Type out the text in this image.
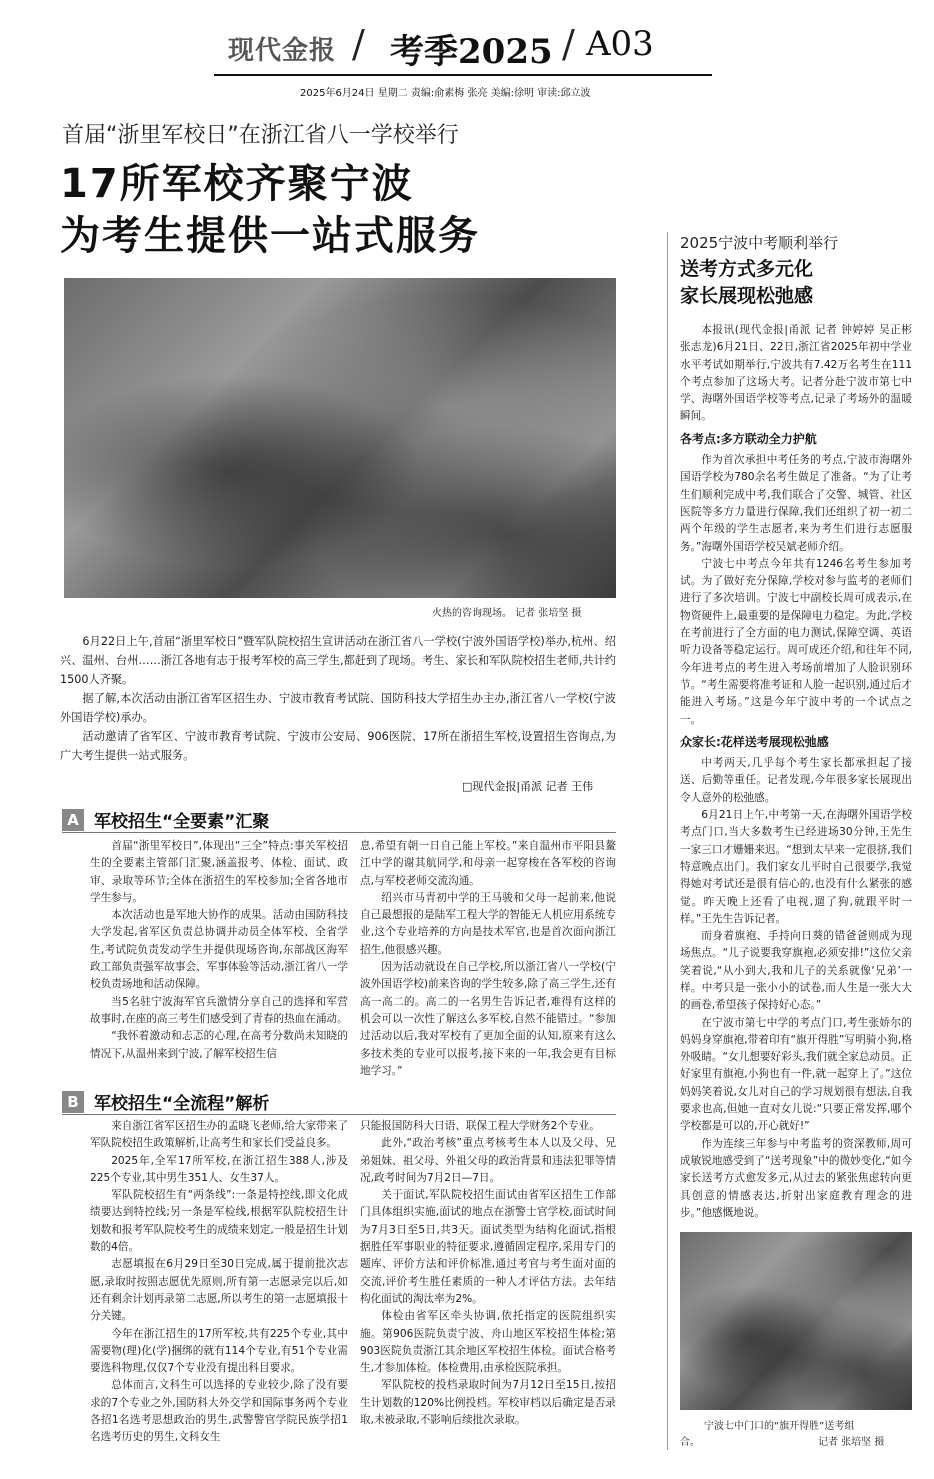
现代金报 / 考季2025 / A03
2025年6月24日 星期二 责编:俞素梅 张亮 美编:徐明 审读:邱立波
首届“浙里军校日”在浙江省八一学校举行
17所军校齐聚宁波
为考生提供一站式服务
火热的咨询现场。 记者 张培坚 摄

6月22日上午,首届“浙里军校日”暨军队院校招生宣讲活动在浙江省八一学校(宁波外国语学校)举办,杭州、绍兴、温州、台州……浙江各地有志于报考军校的高三学生,都赶到了现场。考生、家长和军队院校招生老师,共计约1500人齐聚。

据了解,本次活动由浙江省军区招生办、宁波市教育考试院、国防科技大学招生办主办,浙江省八一学校(宁波外国语学校)承办。

活动邀请了省军区、宁波市教育考试院、宁波市公安局、906医院、17所在浙招生军校,设置招生咨询点,为广大考生提供一站式服务。

□现代金报|甬派 记者 王伟
A 军校招生“全要素”汇聚

首届“浙里军校日”,体现出“三全”特点:事关军校招生的全要素主管部门汇聚,涵盖报考、体检、面试、政审、录取等环节;全体在浙招生的军校参加;全省各地市学生参与。

本次活动也是军地大协作的成果。活动由国防科技大学发起,省军区负责总协调并动员全体军校、全省学生,考试院负责发动学生并提供现场咨询,东部战区海军政工部负责强军故事会、军事体验等活动,浙江省八一学校负责场地和活动保障。

当5名驻宁波海军官兵激情分享自己的选择和军营故事时,在座的高三考生们感受到了青春的热血在涌动。

“我怀着激动和忐忑的心理,在高考分数尚未知晓的情况下,从温州来到宁波,了解军校招生信

息,希望有朝一日自己能上军校。”来自温州市平阳县鳌江中学的谢其航同学,和母亲一起穿梭在各军校的咨询点,与军校老师交流沟通。

绍兴市马青初中学的王马骏和父母一起前来,他说自己最想报的是陆军工程大学的智能无人机应用系统专业,这个专业培养的方向是技术军官,也是首次面向浙江招生,他很感兴趣。

因为活动就设在自己学校,所以浙江省八一学校(宁波外国语学校)前来咨询的学生较多,除了高三学生,还有高一高二的。高二的一名男生告诉记者,难得有这样的机会可以一次性了解这么多军校,自然不能错过。“参加过活动以后,我对军校有了更加全面的认知,原来有这么多技术类的专业可以报考,接下来的一年,我会更有目标地学习。”

B 军校招生“全流程”解析

来自浙江省军区招生办的孟晓飞老师,给大家带来了军队院校招生政策解析,让高考生和家长们受益良多。

2025年,全军17所军校,在浙江招生388人,涉及225个专业,其中男生351人、女生37人。

军队院校招生有“两条线”:一条是特控线,即文化成绩要达到特控线;另一条是军检线,根据军队院校招生计划数和报考军队院校考生的成绩来划定,一般是招生计划数的4倍。

志愿填报在6月29日至30日完成,属于提前批次志愿,录取时按照志愿优先原则,所有第一志愿录完以后,如还有剩余计划再录第二志愿,所以考生的第一志愿填报十分关键。

今年在浙江招生的17所军校,共有225个专业,其中需要物(理)化(学)捆绑的就有114个专业,有51个专业需要选科物理,仅仅7个专业没有提出科目要求。

总体而言,文科生可以选择的专业较少,除了没有要求的7个专业之外,国防科大外交学和国际事务两个专业各招1名选考思想政治的男生,武警警官学院民族学招1名选考历史的男生,文科女生

只能报国防科大日语、联保工程大学财务2个专业。

此外,“政治考核”重点考核考生本人以及父母、兄弟姐妹、祖父母、外祖父母的政治背景和违法犯罪等情况,政考时间为7月2日—7日。

关于面试,军队院校招生面试由省军区招生工作部门具体组织实施,面试的地点在浙警士官学校,面试时间为7月3日至5日,共3天。面试类型为结构化面试,指根据胜任军事职业的特征要求,遵循固定程序,采用专门的题库、评价方法和评价标准,通过考官与考生面对面的交流,评价考生胜任素质的一种人才评估方法。去年结构化面试的淘汰率为2%。

体检由省军区牵头协调,依托指定的医院组织实施。第906医院负责宁波、舟山地区军校招生体检;第903医院负责浙江其余地区军校招生体检。面试合格考生,才参加体检。体检费用,由承检医院承担。

军队院校的投档录取时间为7月12日至15日,按招生计划数的120%比例投档。军校审档以后确定是否录取,未被录取,不影响后续批次录取。

2025宁波中考顺利举行
送考方式多元化
家长展现松弛感

本报讯(现代金报|甬派 记者 钟婷婷 吴正彬 张志龙)6月21日、22日,浙江省2025年初中学业水平考试如期举行,宁波共有7.42万名考生在111个考点参加了这场大考。记者分赴宁波市第七中学、海曙外国语学校等考点,记录了考场外的温暖瞬间。

各考点:多方联动全力护航

作为首次承担中考任务的考点,宁波市海曙外国语学校为780余名考生做足了准备。“为了让考生们顺利完成中考,我们联合了交警、城管、社区医院等多方力量进行保障,我们还组织了初一初二两个年级的学生志愿者,来为考生们进行志愿服务。”海曙外国语学校吴斌老师介绍。

宁波七中考点今年共有1246名考生参加考试。为了做好充分保障,学校对参与监考的老师们进行了多次培训。宁波七中副校长周可成表示,在物资硬件上,最重要的是保障电力稳定。为此,学校在考前进行了全方面的电力测试,保障空调、英语听力设备等稳定运行。周可成还介绍,和往年不同,今年进考点的考生进入考场前增加了人脸识别环节。“考生需要将准考证和人脸一起识别,通过后才能进入考场。”这是今年宁波中考的一个试点之一。

众家长:花样送考展现松弛感

中考两天,几乎每个考生家长都承担起了接送、后勤等重任。记者发现,今年很多家长展现出令人意外的松弛感。

6月21日上午,中考第一天,在海曙外国语学校考点门口,当大多数考生已经进场30分钟,王先生一家三口才姗姗来迟。“想到太早来一定很挤,我们特意晚点出门。我们家女儿平时自己很要学,我觉得她对考试还是很有信心的,也没有什么紧张的感觉。昨天晚上还看了电视,遛了狗,就跟平时一样。”王先生告诉记者。

而身着旗袍、手持向日葵的错爸爸则成为现场焦点。“儿子说要我穿旗袍,必须安排!”这位父亲笑着说,“从小到大,我和儿子的关系就像‘兄弟’一样。中考只是一张小小的试卷,而人生是一张大大的画卷,希望孩子保持好心态。”

在宁波市第七中学的考点门口,考生张娇尔的妈妈身穿旗袍,带着印有“旗开得胜”写明骑小狗,格外吸睛。“女儿想要好彩头,我们就全家总动员。正好家里有旗袍,小狗也有一件,就一起穿上了。”这位妈妈笑着说,女儿对自己的学习规划很有想法,自我要求也高,但她一直对女儿说:“只要正常发挥,哪个学校都是可以的,开心就好!”

作为连续三年参与中考监考的资深教师,周可成敏锐地感受到了“送考现象”中的微妙变化,“如今家长送考方式愈发多元,从过去的紧张焦虑转向更具创意的情感表达,折射出家庭教育理念的进步。”他感慨地说。

宁波七中门口的“旗开得胜”送考组
合。	记者 张培坚 摄
